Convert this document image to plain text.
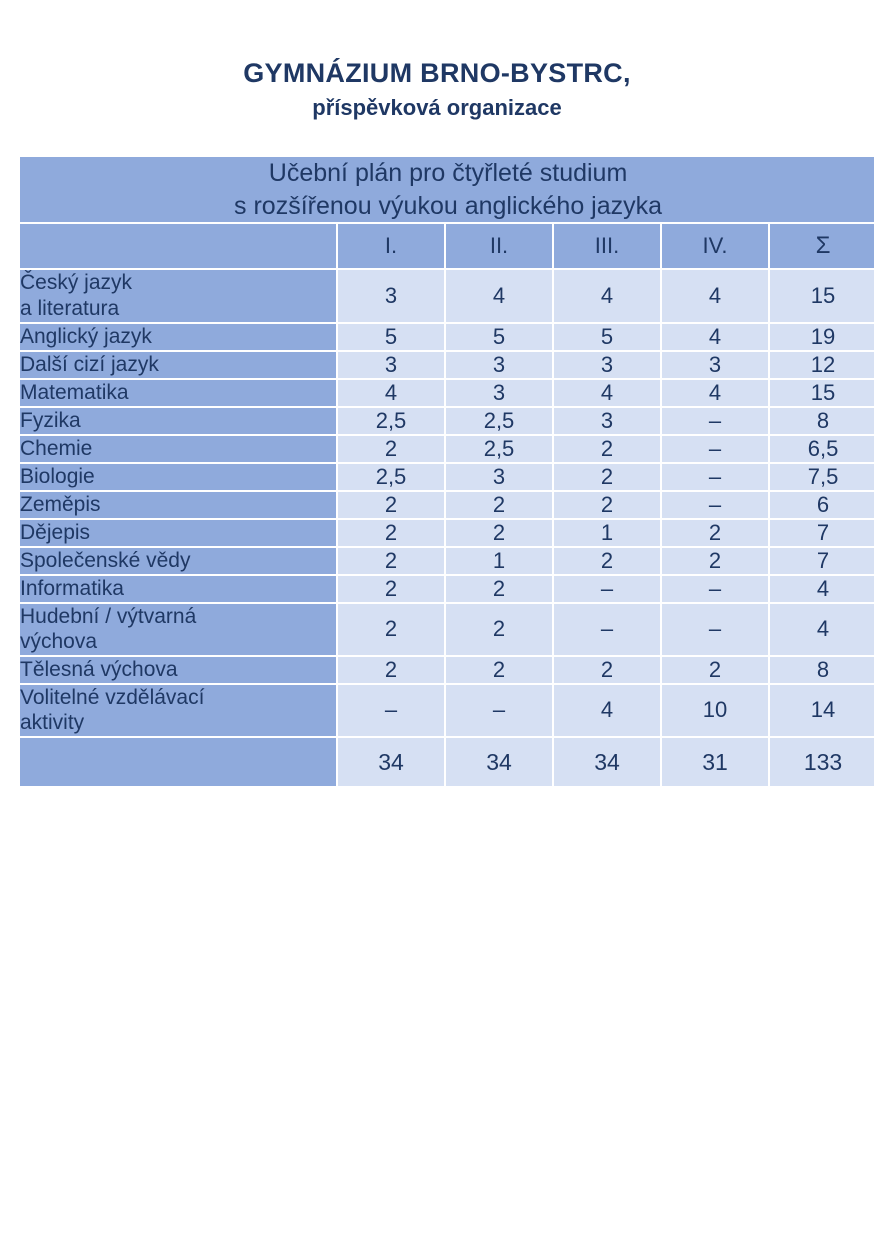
GYMNÁZIUM BRNO-BYSTRC,
příspěvková organizace
Učební plán pro čtyřleté studium
s rozšířenou výukou anglického jazyka					

	I.	II.	III.	IV.	Σ

Český jazyk
a literatura	3	4	4	4	15

Anglický jazyk	5	5	5	4	19

Další cizí jazyk	3	3	3	3	12

Matematika	4	3	4	4	15

Fyzika	2,5	2,5	3	–	8

Chemie	2	2,5	2	–	6,5

Biologie	2,5	3	2	–	7,5

Zeměpis	2	2	2	–	6

Dějepis	2	2	1	2	7

Společenské vědy	2	1	2	2	7

Informatika	2	2	–	–	4

Hudební / výtvarná
výchova	2	2	–	–	4

Tělesná výchova	2	2	2	2	8

Volitelné vzdělávací
aktivity	–	–	4	10	14
	34	34	34	31	133
